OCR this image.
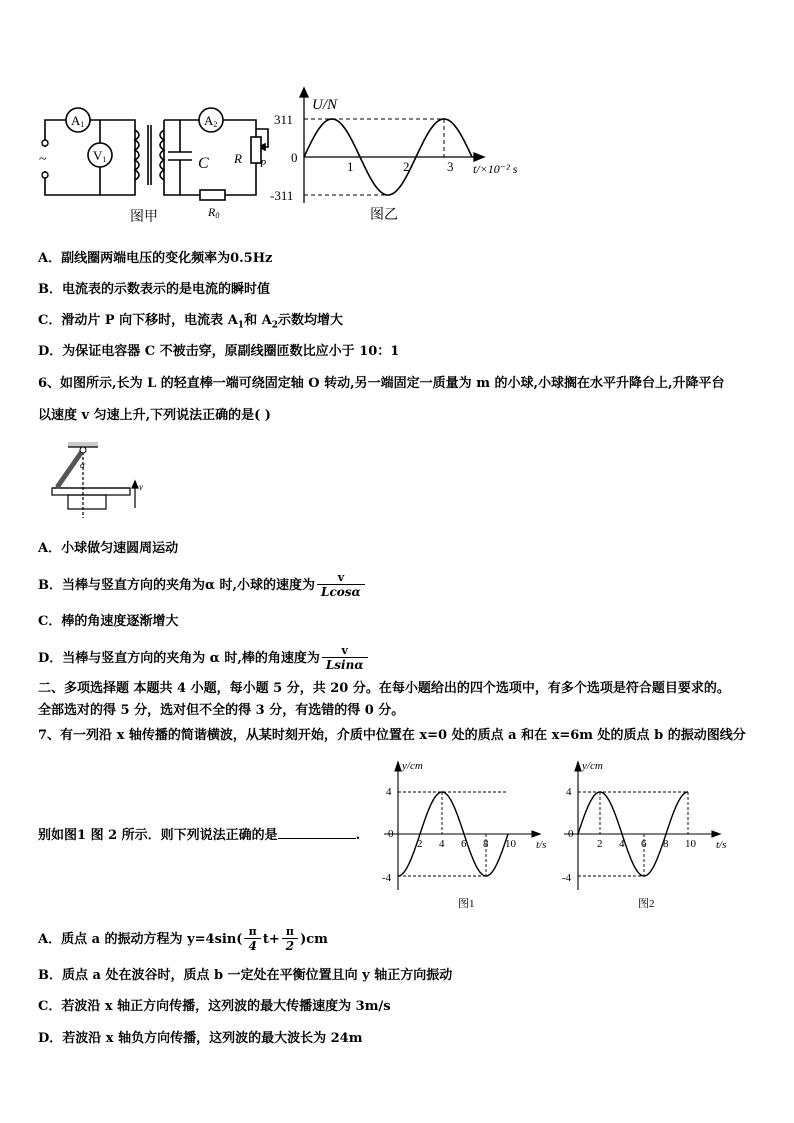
~
A1
V1
A2
R P
C
R0
图甲
U/N
311
0
-311
1	2	3 t/×10⁻² s
图乙
A．副线圈两端电压的变化频率为0.5Hz
B．电流表的示数表示的是电流的瞬时值
C．滑动片 P 向下移时，电流表 $A_1$和 $A_2$示数均增大
D．为保证电容器 C 不被击穿，原副线圈匝数比应小于 10：1
6、如图所示,长为 L 的轻直棒一端可绕固定轴 O 转动,另一端固定一质量为 m 的小球,小球搁在水平升降台上,升降平台
以速度 v 匀速上升,下列说法正确的是( )
α
v
A．小球做匀速圆周运动
B．当棒与竖直方向的夹角为α 时,小球的速度为 $\frac{v}{Lcos\alpha}$
C．棒的角速度逐渐增大
D．当棒与竖直方向的夹角为 α 时,棒的角速度为 $\frac{v}{Lsin\alpha}$
二、多项选择题 本题共 4 小题，每小题 5 分，共 20 分。在每小题给出的四个选项中，有多个选项是符合题目要求的。
全部选对的得 5 分，选对但不全的得 3 分，有选错的得 0 分。
7、有一列沿 x 轴传播的简谐横波，从某时刻开始，介质中位置在 x=0 处的质点 a 和在 x=6m 处的质点 b 的振动图线分
y/cm
4
0
-4
2 4 6 8 10 t/s
图1
y/cm
4
0
-4
2 4 6 8 10 t/s
图2
别如图1 图 2 所示．则下列说法正确的是	.
A．质点 a 的振动方程为 $y=4\sin( \frac{\pi}{4} t+ \frac{\pi}{2} )cm$
B．质点 a 处在波谷时，质点 b 一定处在平衡位置且向 y 轴正方向振动
C．若波沿 x 轴正方向传播，这列波的最大传播速度为 3m/s
D．若波沿 x 轴负方向传播，这列波的最大波长为 24m
